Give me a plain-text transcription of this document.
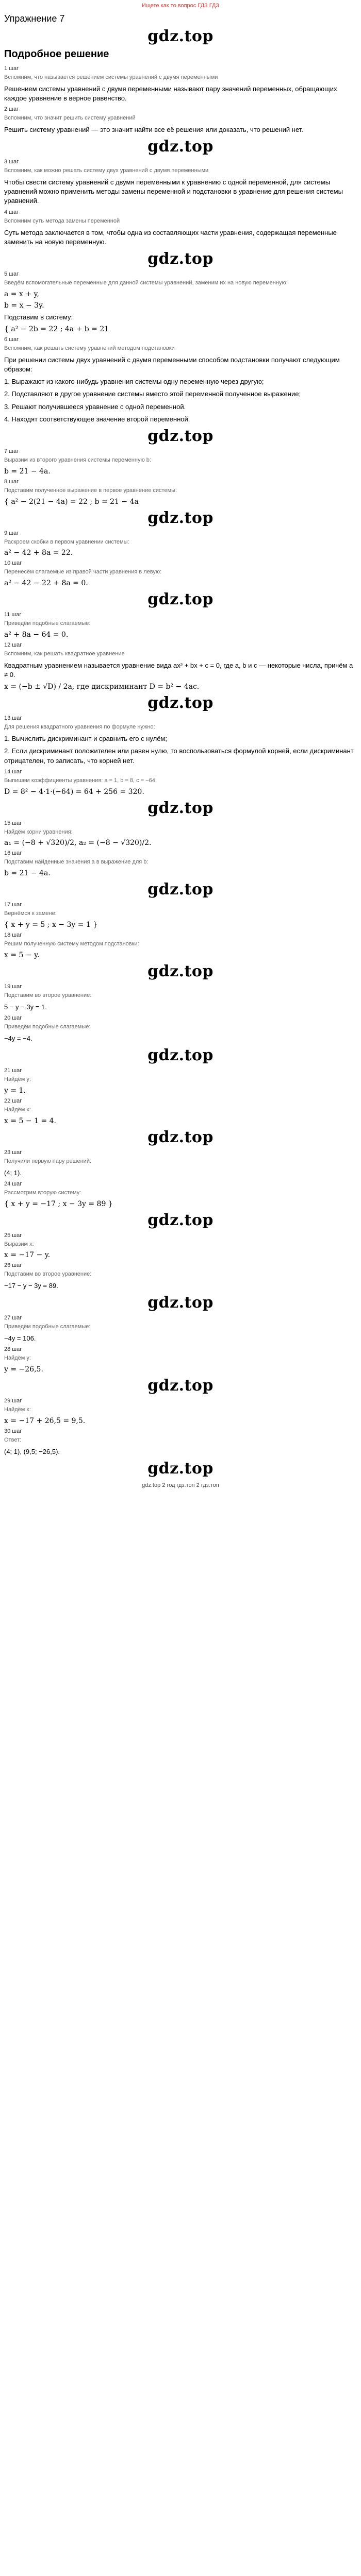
Ищете как то вопрос ГДЗ ГДЗ
Упражнение 7
gdz.top
Подробное решение
1 шаг
Вспомним, что называется решением системы уравнений с двумя переменными
Решением системы уравнений с двумя переменными называют пару значений переменных, обращающих каждое уравнение в верное равенство.
2 шаг
Вспомним, что значит решить систему уравнений
Решить систему уравнений — это значит найти все её решения или доказать, что решений нет.
gdz.top
3 шаг
Вспомним, как можно решать систему двух уравнений с двумя переменными
Чтобы свести систему уравнений с двумя переменными к уравнению с одной переменной, для системы уравнений можно применить методы замены переменной и подстановки в уравнение для решения системы уравнений.
4 шаг
Вспомним суть метода замены переменной
Суть метода заключается в том, чтобы одна из составляющих части уравнения, содержащая переменные заменить на новую переменную.
gdz.top
5 шаг
Введём вспомогательные переменные для данной системы уравнений, заменим их на новую переменную:
a = x + y,
b = x − 3y.
Подставим в систему:
{ a² − 2b = 22 ; 4a + b = 21
6 шаг
Вспомним, как решать систему уравнений методом подстановки
При решении системы двух уравнений с двумя переменными способом подстановки получают следующим образом:
1. Выражают из какого-нибудь уравнения системы одну переменную через другую;
2. Подставляют в другое уравнение системы вместо этой переменной полученное выражение;
3. Решают получившееся уравнение с одной переменной.
4. Находят соответствующее значение второй переменной.
gdz.top
7 шаг
Выразим из второго уравнения системы переменную b:
b = 21 − 4a.
8 шаг
Подставим полученное выражение в первое уравнение системы:
{ a² − 2(21 − 4a) = 22 ; b = 21 − 4a
gdz.top
9 шаг
Раскроем скобки в первом уравнении системы:
a² − 42 + 8a = 22.
10 шаг
Перенесём слагаемые из правой части уравнения в левую:
a² − 42 − 22 + 8a = 0.
gdz.top
11 шаг
Приведём подобные слагаемые:
a² + 8a − 64 = 0.
12 шаг
Вспомним, как решать квадратное уравнение
Квадратным уравнением называется уравнение вида ax² + bx + c = 0, где a, b и c — некоторые числа, причём a ≠ 0.
x = (−b ± √D) / 2a, где дискриминант D = b² − 4ac.
gdz.top
13 шаг
Для решения квадратного уравнения по формуле нужно:
1. Вычислить дискриминант и сравнить его с нулём;
2. Если дискриминант положителен или равен нулю, то воспользоваться формулой корней, если дискриминант отрицателен, то записать, что корней нет.
14 шаг
Выпишем коэффициенты уравнения: a = 1, b = 8, c = −64.
D = 8² − 4·1·(−64) = 64 + 256 = 320.
gdz.top
15 шаг
Найдём корни уравнения:
a₁ = (−8 + √320)/2, a₂ = (−8 − √320)/2.
16 шаг
Подставим найденные значения a в выражение для b:
b = 21 − 4a.
gdz.top
17 шаг
Вернёмся к замене:
{ x + y = 5 ; x − 3y = 1 }
18 шаг
Решим полученную систему методом подстановки:
x = 5 − y.
gdz.top
19 шаг
Подставим во второе уравнение:
5 − y − 3y = 1.
20 шаг
Приведём подобные слагаемые:
−4y = −4.
gdz.top
21 шаг
Найдём y:
y = 1.
22 шаг
Найдём x:
x = 5 − 1 = 4.
gdz.top
23 шаг
Получили первую пару решений:
(4; 1).
24 шаг
Рассмотрим вторую систему:
{ x + y = −17 ; x − 3y = 89 }
gdz.top
25 шаг
Выразим x:
x = −17 − y.
26 шаг
Подставим во второе уравнение:
−17 − y − 3y = 89.
gdz.top
27 шаг
Приведём подобные слагаемые:
−4y = 106.
28 шаг
Найдём y:
y = −26,5.
gdz.top
29 шаг
Найдём x:
x = −17 + 26,5 = 9,5.
30 шаг
Ответ:
(4; 1), (9,5; −26,5).
gdz.top
gdz.top 2 год гдз.топ 2 гдз.топ
